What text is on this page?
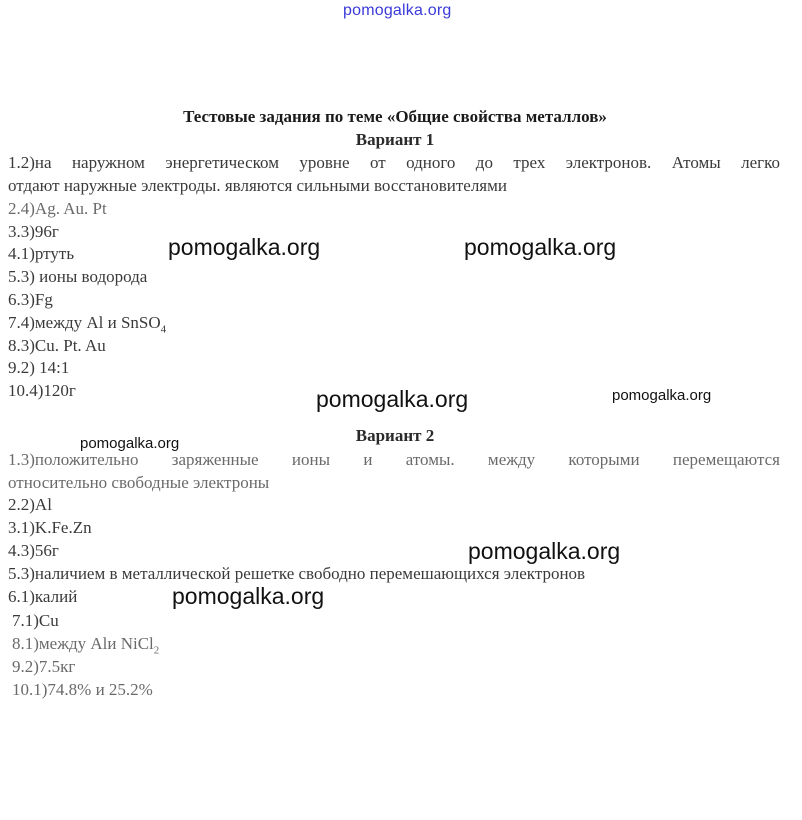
pomogalka.org
Тестовые задания по теме «Общие свойства металлов»
Вариант 1
1.2)на наружном энергетическом уровне от одного до трех электронов. Атомы легко
отдают наружные электроды. являются сильными восстановителями
2.4)Ag. Au. Pt
3.3)96г
4.1)ртуть
5.3) ионы водорода
6.3)Fg
7.4)между Al и SnSO$_4$
8.3)Cu. Pt. Au
9.2) 14:1
10.4)120г
Вариант 2
1.3)положительно заряженные ионы и атомы. между которыми перемещаются
относительно свободные электроны
2.2)Al
3.1)K.Fe.Zn
4.3)56г
5.3)наличием в металлической решетке свободно перемешающихся электронов
6.1)калий
7.1)Cu
8.1)между Alи NiCl$_2$
9.2)7.5кг
10.1)74.8% и 25.2%
pomogalka.org	pomogalka.org
pomogalka.org	pomogalka.org
pomogalka.org
pomogalka.org
pomogalka.org
